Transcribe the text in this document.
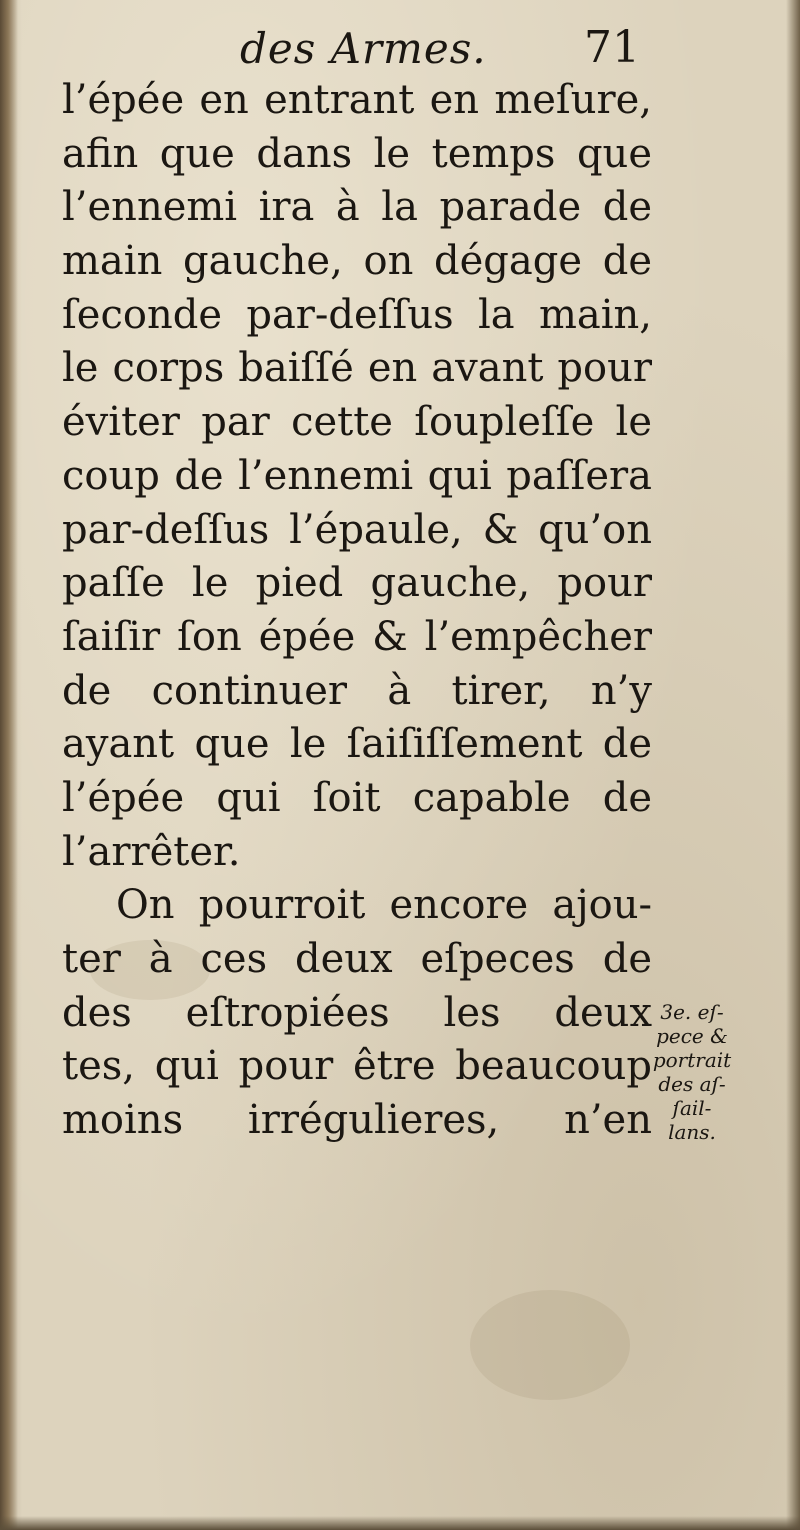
des Armes. 71
l’épée en entrant en meſure,
afin que dans le temps que
l’ennemi ira à la parade de
main gauche, on dégage de
ſeconde par-deſſus la main,
le corps baiſſé en avant pour
éviter par cette ſoupleſſe le
coup de l’ennemi qui paſſera
par-deſſus l’épaule, & qu’on
paſſe le pied gauche, pour
ſaiſir ſon épée & l’empêcher
de continuer à tirer, n’y
ayant que le ſaiſiſſement de
l’épée qui ſoit capable de
l’arrêter.
On pourroit encore ajou-
ter à ces deux eſpeces de
des eſtropiées les deux
tes, qui pour être beaucoup
moins irrégulieres, n’en
3e. eſ-
pece &
portrait
des aſ-
ſail-
lans.
